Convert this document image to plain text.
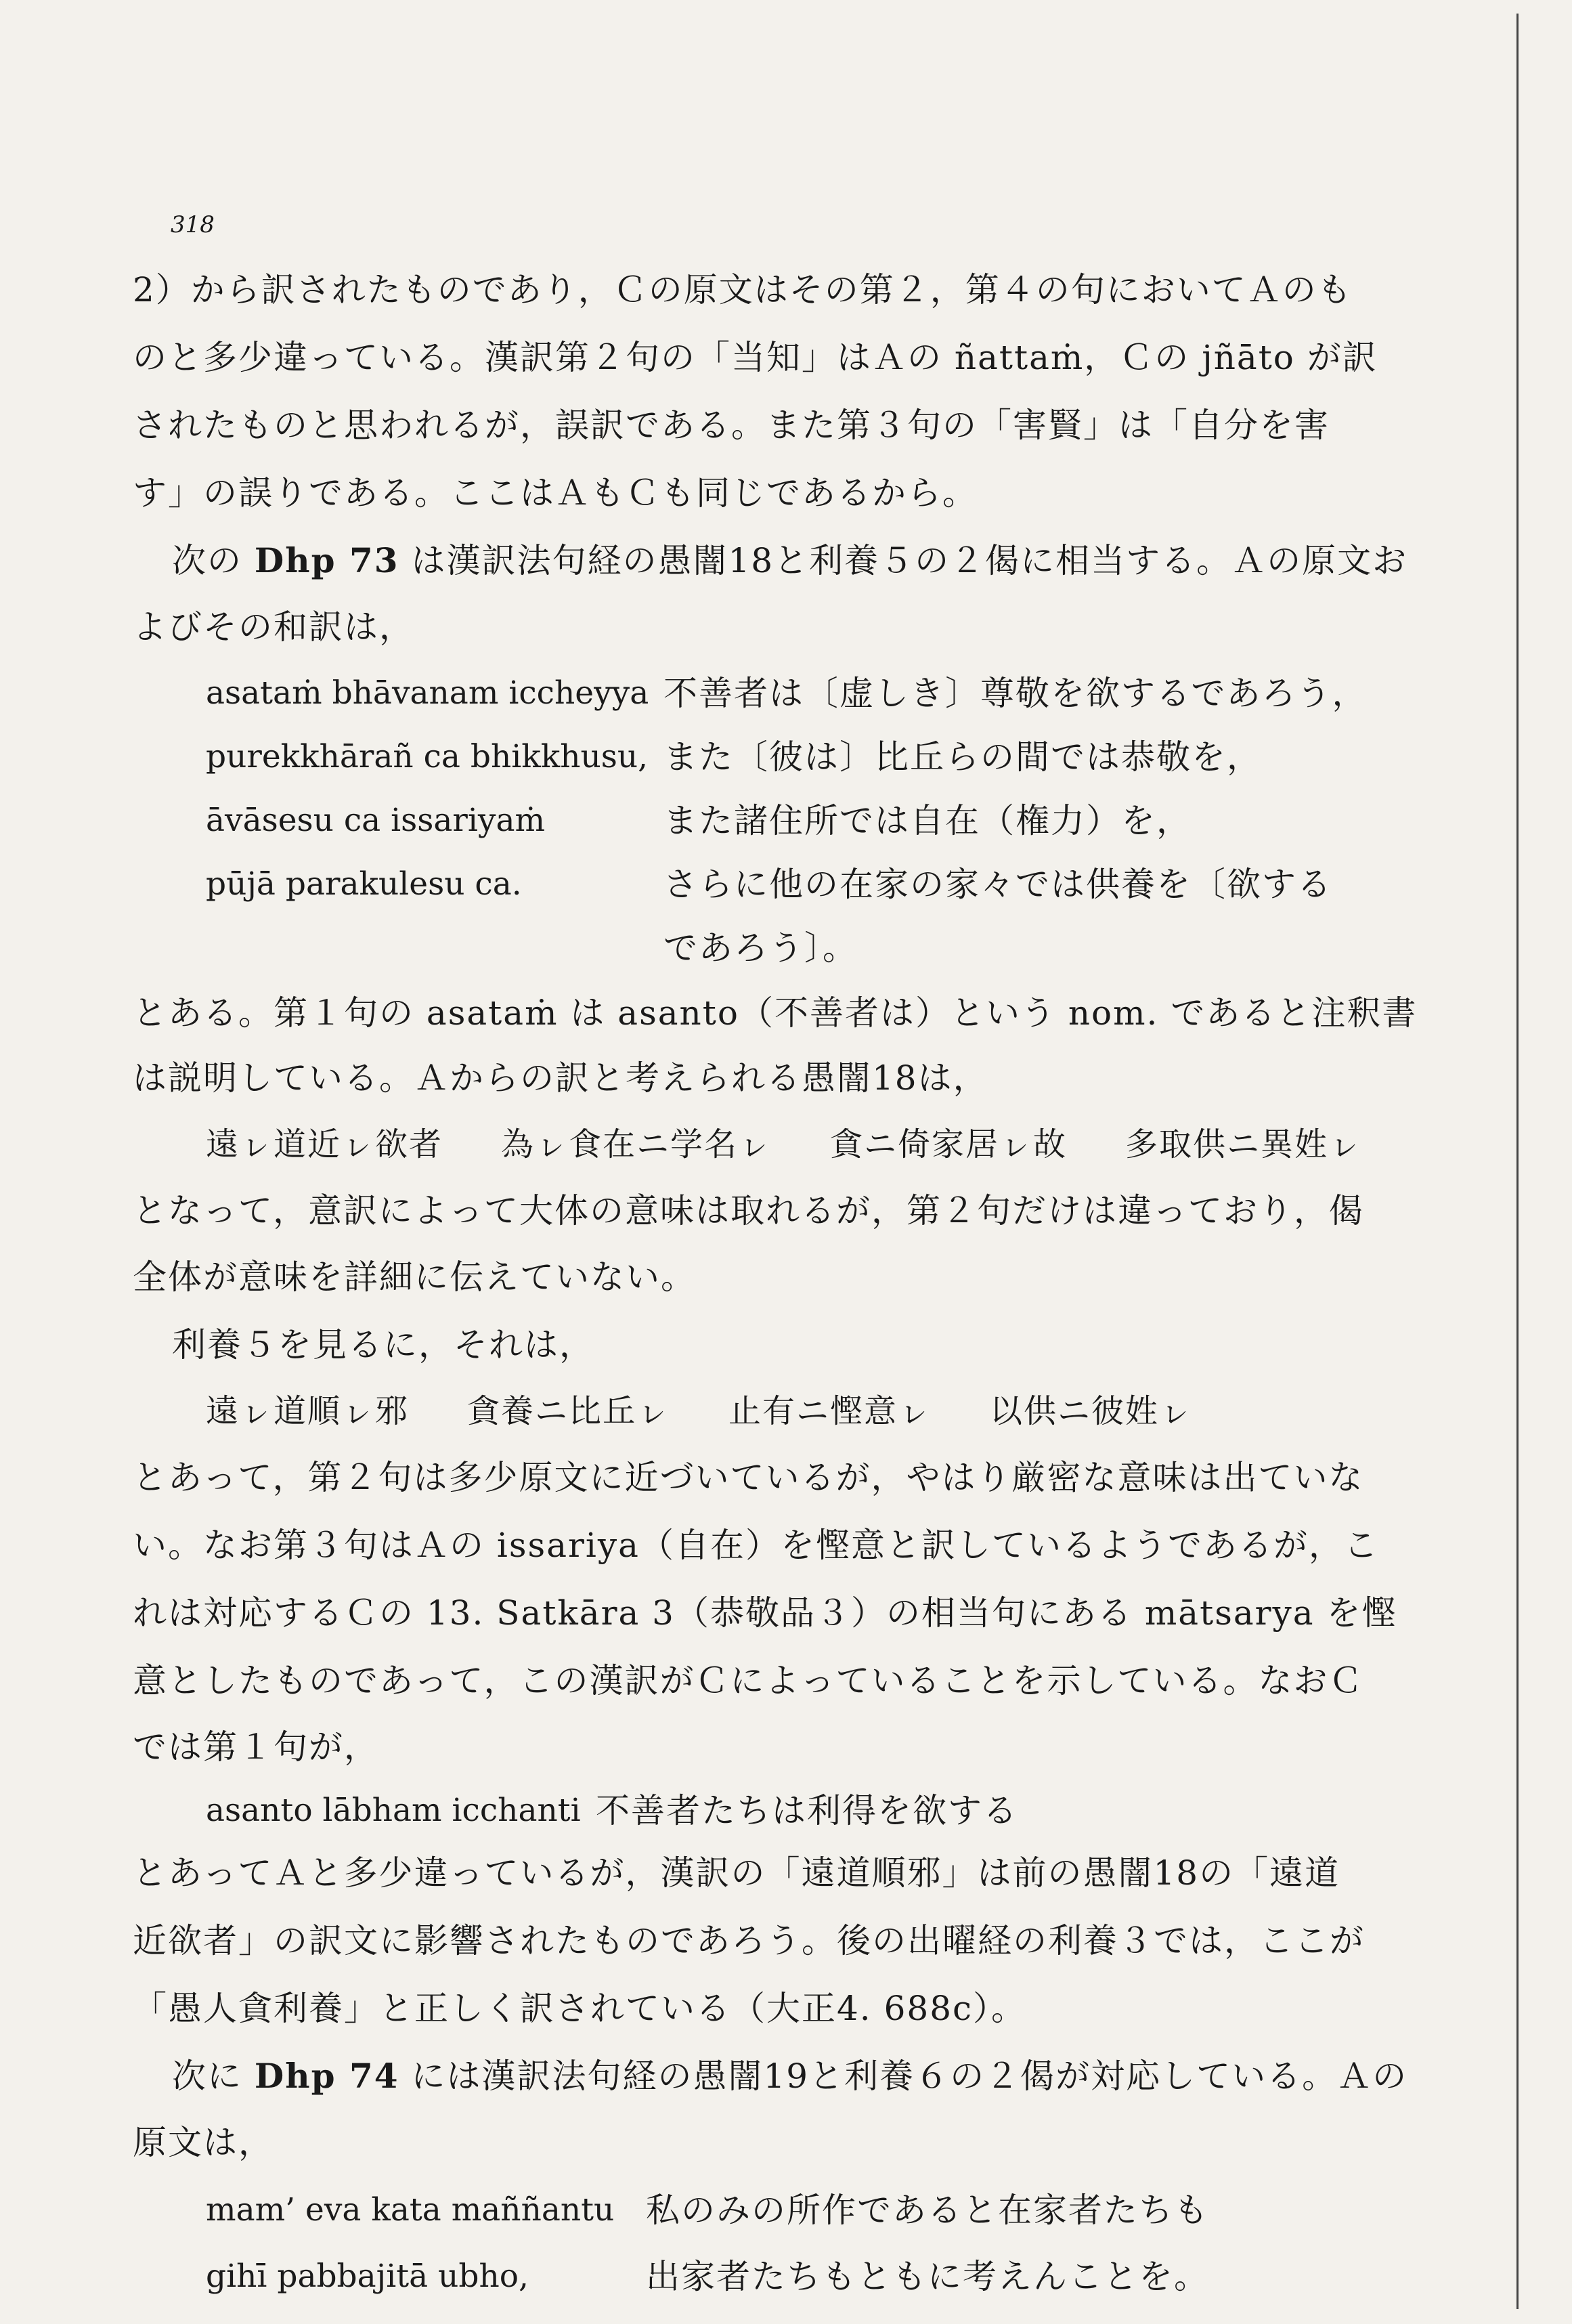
318
2）から訳されたものであり，Ｃの原文はその第２，第４の句においてＡのも
のと多少違っている。漢訳第２句の「当知」はＡの ñattaṁ，Ｃの jñāto が訳
されたものと思われるが，誤訳である。また第３句の「害賢」は「自分を害
す」の誤りである。ここはＡもＣも同じであるから。
次の Dhp 73 は漢訳法句経の愚闇18と利養５の２偈に相当する。Ａの原文お
よびその和訳は，
asataṁ bhāvanam iccheyya 不善者は〔虚しき〕尊敬を欲するであろう，
purekkhārañ ca bhikkhusu, また〔彼は〕比丘らの間では恭敬を，
āvāsesu ca issariyaṁ	また諸住所では自在（権力）を，
pūjā parakulesu ca.	さらに他の在家の家々では供養を〔欲する
であろう〕。
とある。第１句の asataṁ は asanto（不善者は）という nom. であると注釈書
は説明している。Ａからの訳と考えられる愚闇18は，
遠ㇾ道近ㇾ欲者 為ㇾ食在ニ学名ㇾ 貪ニ倚家居ㇾ故 多取供ニ異姓ㇾ
となって，意訳によって大体の意味は取れるが，第２句だけは違っており，偈
全体が意味を詳細に伝えていない。
利養５を見るに，それは，
遠ㇾ道順ㇾ邪 貪養ニ比丘ㇾ 止有ニ慳意ㇾ 以供ニ彼姓ㇾ
とあって，第２句は多少原文に近づいているが，やはり厳密な意味は出ていな
い。なお第３句はＡの issariya（自在）を慳意と訳しているようであるが，こ
れは対応するＣの 13. Satkāra 3（恭敬品３）の相当句にある mātsarya を慳
意としたものであって，この漢訳がＣによっていることを示している。なおＣ
では第１句が，
asanto lābham icchanti 不善者たちは利得を欲する
とあってＡと多少違っているが，漢訳の「遠道順邪」は前の愚闇18の「遠道
近欲者」の訳文に影響されたものであろう。後の出曜経の利養３では，ここが
「愚人貪利養」と正しく訳されている（大正4. 688c）。
次に Dhp 74 には漢訳法句経の愚闇19と利養６の２偈が対応している。Ａの
原文は，
mam’ eva kata maññantu 私のみの所作であると在家者たちも
gihī pabbajitā ubho,	出家者たちもともに考えんことを。
